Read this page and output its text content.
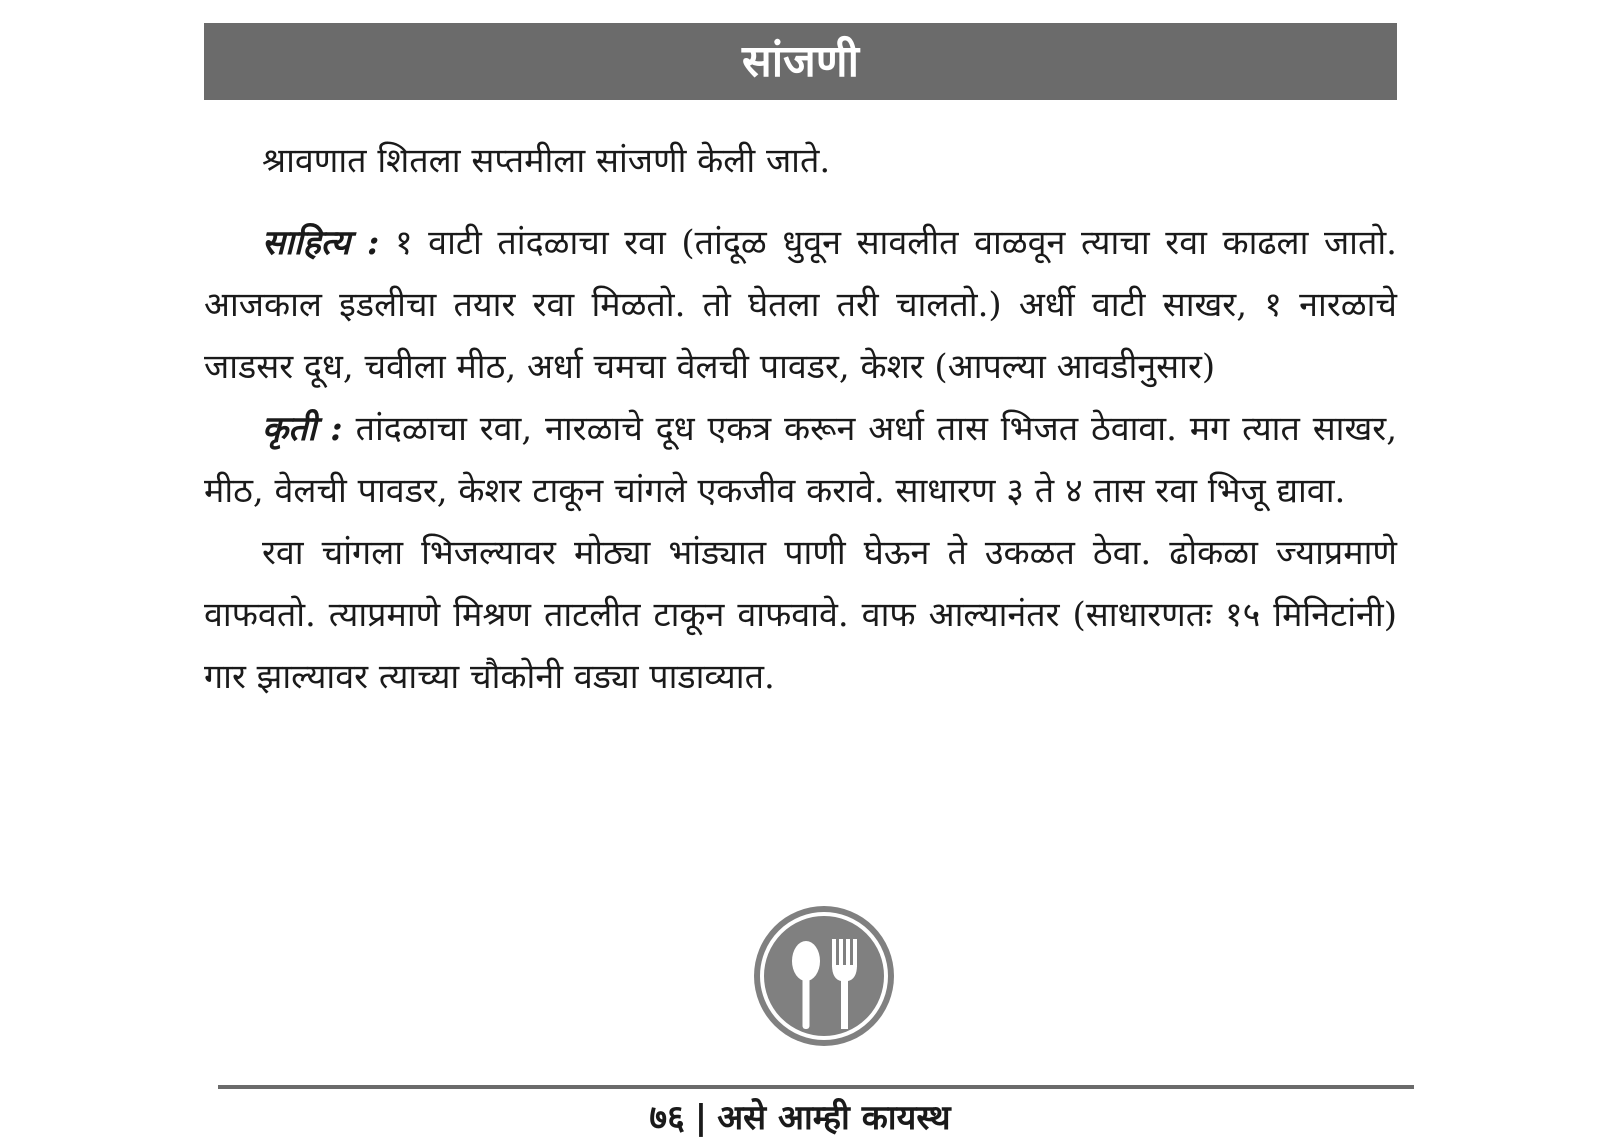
सांजणी

श्रावणात शितला सप्तमीला सांजणी केली जाते.

साहित्य : १ वाटी तांदळाचा रवा (तांदूळ धुवून सावलीत वाळवून त्याचा रवा काढला जातो. आजकाल इडलीचा तयार रवा मिळतो. तो घेतला तरी चालतो.) अर्धी वाटी साखर, १ नारळाचे जाडसर दूध, चवीला मीठ, अर्धा चमचा वेलची पावडर, केशर (आपल्या आवडीनुसार)

कृती : तांदळाचा रवा, नारळाचे दूध एकत्र करून अर्धा तास भिजत ठेवावा. मग त्यात साखर, मीठ, वेलची पावडर, केशर टाकून चांगले एकजीव करावे. साधारण ३ ते ४ तास रवा भिजू द्यावा.

रवा चांगला भिजल्यावर मोठ्या भांड्यात पाणी घेऊन ते उकळत ठेवा. ढोकळा ज्याप्रमाणे वाफवतो. त्याप्रमाणे मिश्रण ताटलीत टाकून वाफवावे. वाफ आल्यानंतर (साधारणतः १५ मिनिटांनी) गार झाल्यावर त्याच्या चौकोनी वड्या पाडाव्यात.

७६ | असे आम्ही कायस्थ
